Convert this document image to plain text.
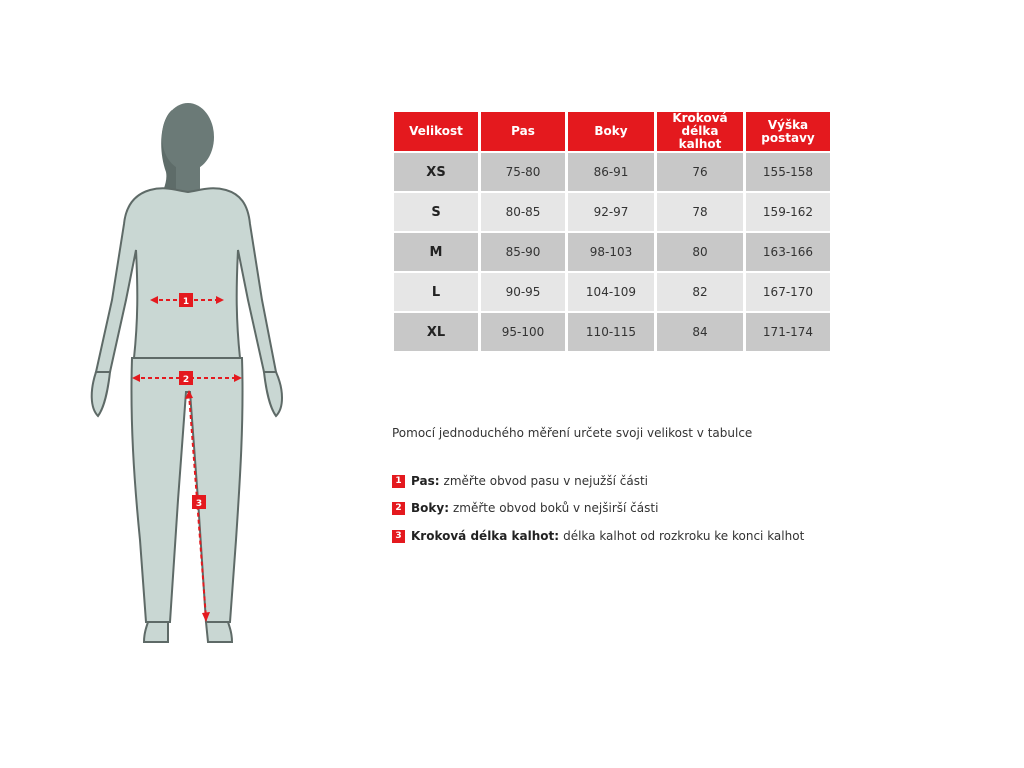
1
2
3
Velikost	Pas	Boky	Kroková délka kalhot	Výška postavy
XS	75-80	86-91	76	155-158
S	80-85	92-97	78	159-162
M	85-90	98-103	80	163-166
L	90-95	104-109	82	167-170
XL	95-100	110-115	84	171-174
Pomocí jednoduchého měření určete svoji velikost v tabulce
1 Pas: změřte obvod pasu v nejužší části
2 Boky: změřte obvod boků v nejširší části
3 Kroková délka kalhot: délka kalhot od rozkroku ke konci kalhot
